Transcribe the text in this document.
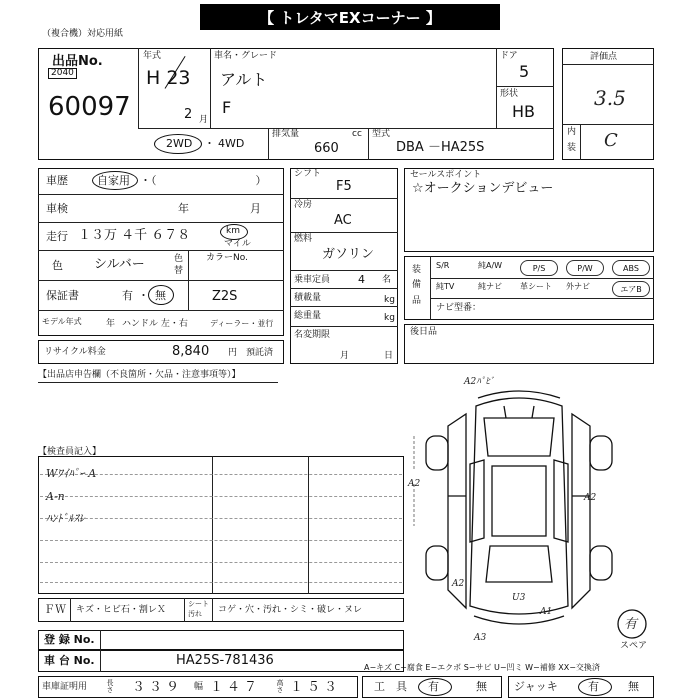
【 トレタマEXコーナー 】
（複合機）対応用紙
出品No.
2040
60097
年式
H 23
2 月
車名・グレード
アルト
F
ドア
5
形状
HB
2WD ・ 4WD
排気量	cc
660
型式
DBA －HA25S
評価点
3.5
内
装 C
車歴	自家用 ・（　　　　　　　　　）
車検	年	月
走行 １３万 ４千 ６７８	km
マイル
色 シルバー	色
替
カラーNo.
Z2S
保証書	有 ・ 無
モデル年式	年 ハンドル 左・右	ディーラー・並行
リサイクル料金	8,840 円 預託済
シフト
F5
冷房
AC
燃料
ガソリン
乗車定員	4 名
積載量	kg
総重量	kg
名変期限
月	日
セールスポイント
☆オークションデビュー
装
備
品
S/R	純A/W	P/S	P/W	ABS
純TV	純ナビ 革シート 外ナビ	エアB
ナビ型番：
後日品
【出品店申告欄（不良箇所・欠品・注意事項等）】
【検査員記入】
Wﾜｲﾊﾟｰ A
A-n
ﾊﾝﾄﾞﾙｽﾚ
A2ﾊﾟﾋﾞ
A2
A2
A2
U3
A3
A1
有
スペア
ＦＷ キズ・ヒビ石・割レＸ
シート
汚れ コゲ・穴・汚れ・シミ・破レ・ヌレ
登 録 No.
車 台 No.	HA25S-781436
車庫証明用	長さ ３３９ 幅 １４７ 高さ １５３
A−キズ C−腐食 E−エクボ S−サビ U−凹ミ W−補修 XX−交換済
工　具 有	無 ジャッキ	有	無
